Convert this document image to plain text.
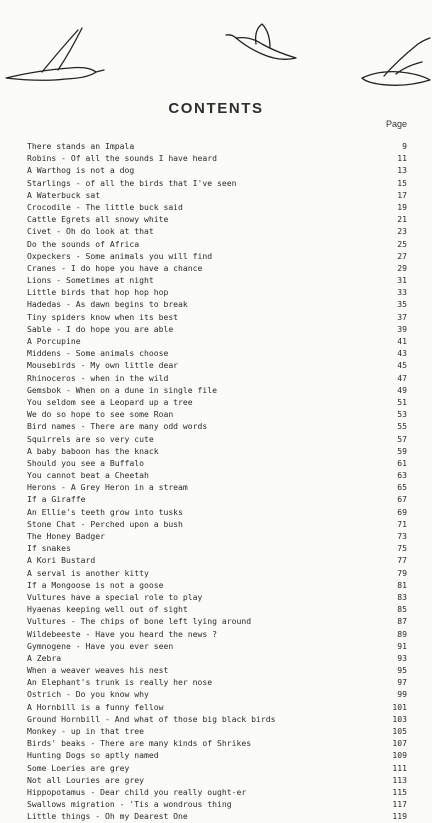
CONTENTS
Page
There stands an Impala	9
Robins - Of all the sounds I have heard	11
A Warthog is not a dog	13
Starlings - of all the birds that I've seen	15
A Waterbuck sat	17
Crocodile - The little buck said	19
Cattle Egrets all snowy white	21
Civet - Oh do look at that	23
Do the sounds of Africa	25
Oxpeckers - Some animals you will find	27
Cranes - I do hope you have a chance	29
Lions - Sometimes at night	31
Little birds that hop hop hop	33
Hadedas - As dawn begins to break	35
Tiny spiders know when its best	37
Sable - I do hope you are able	39
A Porcupine	41
Middens - Some animals choose	43
Mousebirds - My own little dear	45
Rhinoceros - when in the wild	47
Gemsbok - When on a dune in single file	49
You seldom see a Leopard up a tree	51
We do so hope to see some Roan	53
Bird names - There are many odd words	55
Squirrels are so very cute	57
A baby baboon has the knack	59
Should you see a Buffalo	61
You cannot beat a Cheetah	63
Herons - A Grey Heron in a stream	65
If a Giraffe	67
An Ellie's teeth grow into tusks	69
Stone Chat - Perched upon a bush	71
The Honey Badger	73
If snakes	75
A Kori Bustard	77
A serval is another kitty	79
If a Mongoose is not a goose	81
Vultures have a special role to play	83
Hyaenas keeping well out of sight	85
Vultures - The chips of bone left lying around	87
Wildebeeste - Have you heard the news ?	89
Gymnogene - Have you ever seen	91
A Zebra	93
When a weaver weaves his nest	95
An Elephant's trunk is really her nose	97
Ostrich - Do you know why	99
A Hornbill is a funny fellow	101
Ground Hornbill - And what of those big black birds	103
Monkey - up in that tree	105
Birds' beaks - There are many kinds of Shrikes	107
Hunting Dogs so aptly named	109
Some Loeries are grey	111
Not all Louries are grey	113
Hippopotamus - Dear child you really ought-er	115
Swallows migration - 'Tis a wondrous thing	117
Little things - Oh my Dearest One	119
